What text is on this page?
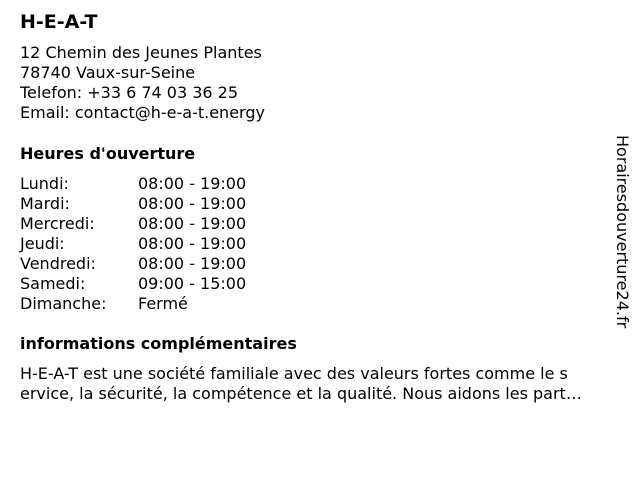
H-E-A-T
12 Chemin des Jeunes Plantes
78740 Vaux-sur-Seine
Telefon: +33 6 74 03 36 25
Email: contact@h-e-a-t.energy
Heures d'ouverture
Lundi:	08:00 - 19:00
Mardi:	08:00 - 19:00
Mercredi:	08:00 - 19:00
Jeudi:	08:00 - 19:00
Vendredi:	08:00 - 19:00
Samedi:	09:00 - 15:00
Dimanche:	Fermé
informations complémentaires
H-E-A-T est une société familiale avec des valeurs fortes comme le s
ervice, la sécurité, la compétence et la qualité. Nous aidons les part…
Horairesdouverture24.fr
